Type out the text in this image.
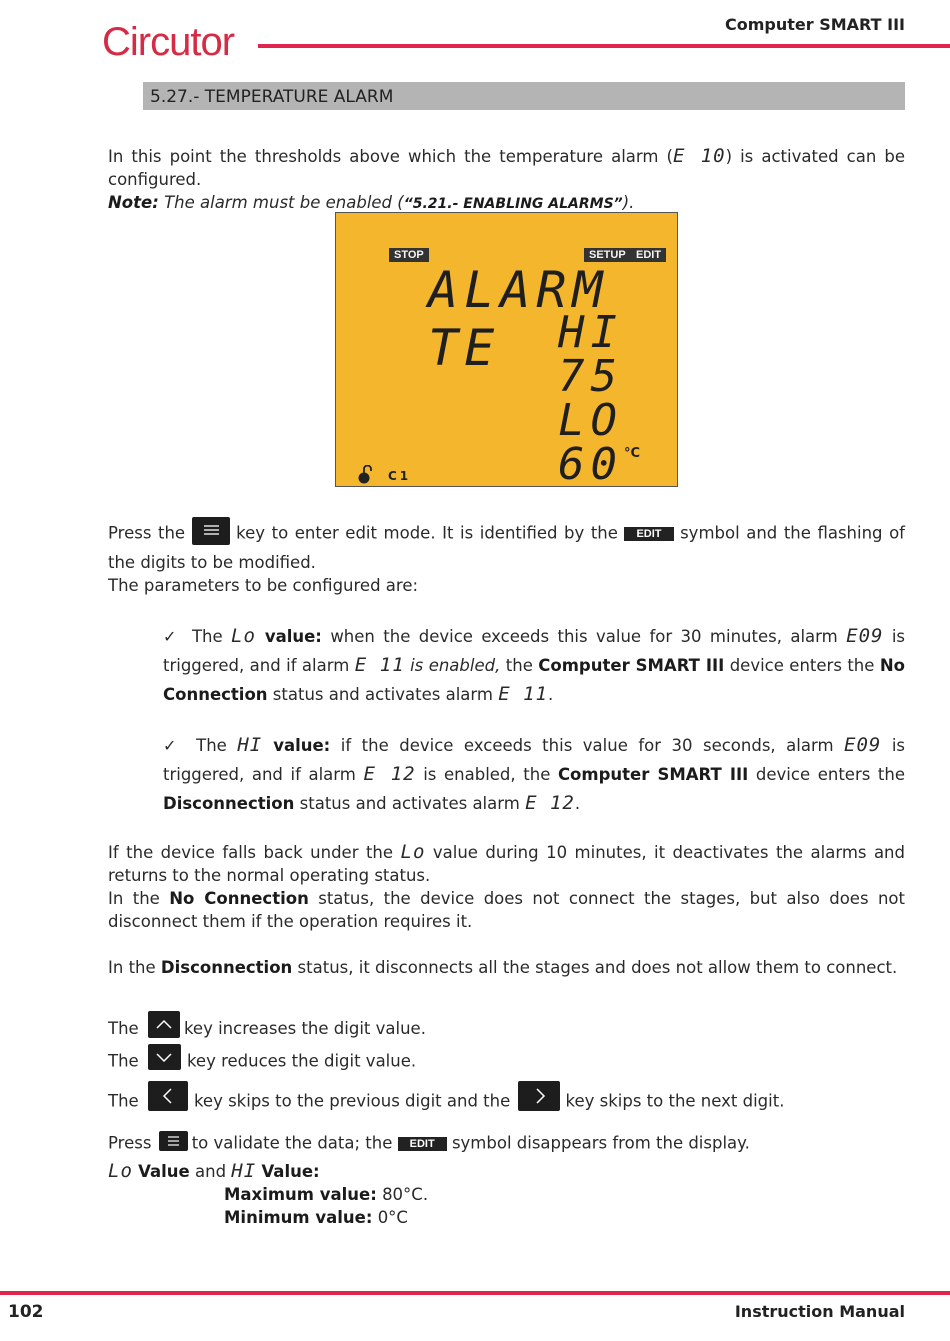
Circutor	Computer SMART III
5.27.- TEMPERATURE ALARM
In this point the thresholds above which the temperature alarm (E 10) is activated can be configured.
Note: The alarm must be enabled (“5.21.- ENABLING ALARMS”).
STOP	SETUP EDIT
ALARM TE	HI
75
LO
60 °C
C1
Press the  key to enter edit mode. It is identified by the EDIT symbol and the flashing of the digits to be modified.
The parameters to be configured are:
✓ The Lo value: when the device exceeds this value for 30 minutes, alarm E09 is triggered, and if alarm E 11 is enabled, the Computer SMART III device enters the No Connection status and activates alarm E 11.
✓ The HI value: if the device exceeds this value for 30 seconds, alarm E09 is triggered, and if alarm E 12 is enabled, the Computer SMART III device enters the Disconnection status and activates alarm E 12.
If the device falls back under the Lo value during 10 minutes, it deactivates the alarms and returns to the normal operating status.
In the No Connection status, the device does not connect the stages, but also does not disconnect them if the operation requires it.
In the Disconnection status, it disconnects all the stages and does not allow them to connect.
The	key increases the digit value.
The	key reduces the digit value.
The	key skips to the previous digit and the	key skips to the next digit.
Press to validate the data; the EDIT symbol disappears from the display.
Lo Value and HI Value:
Maximum value: 80°C.
Minimum value: 0°C
102	Instruction Manual
